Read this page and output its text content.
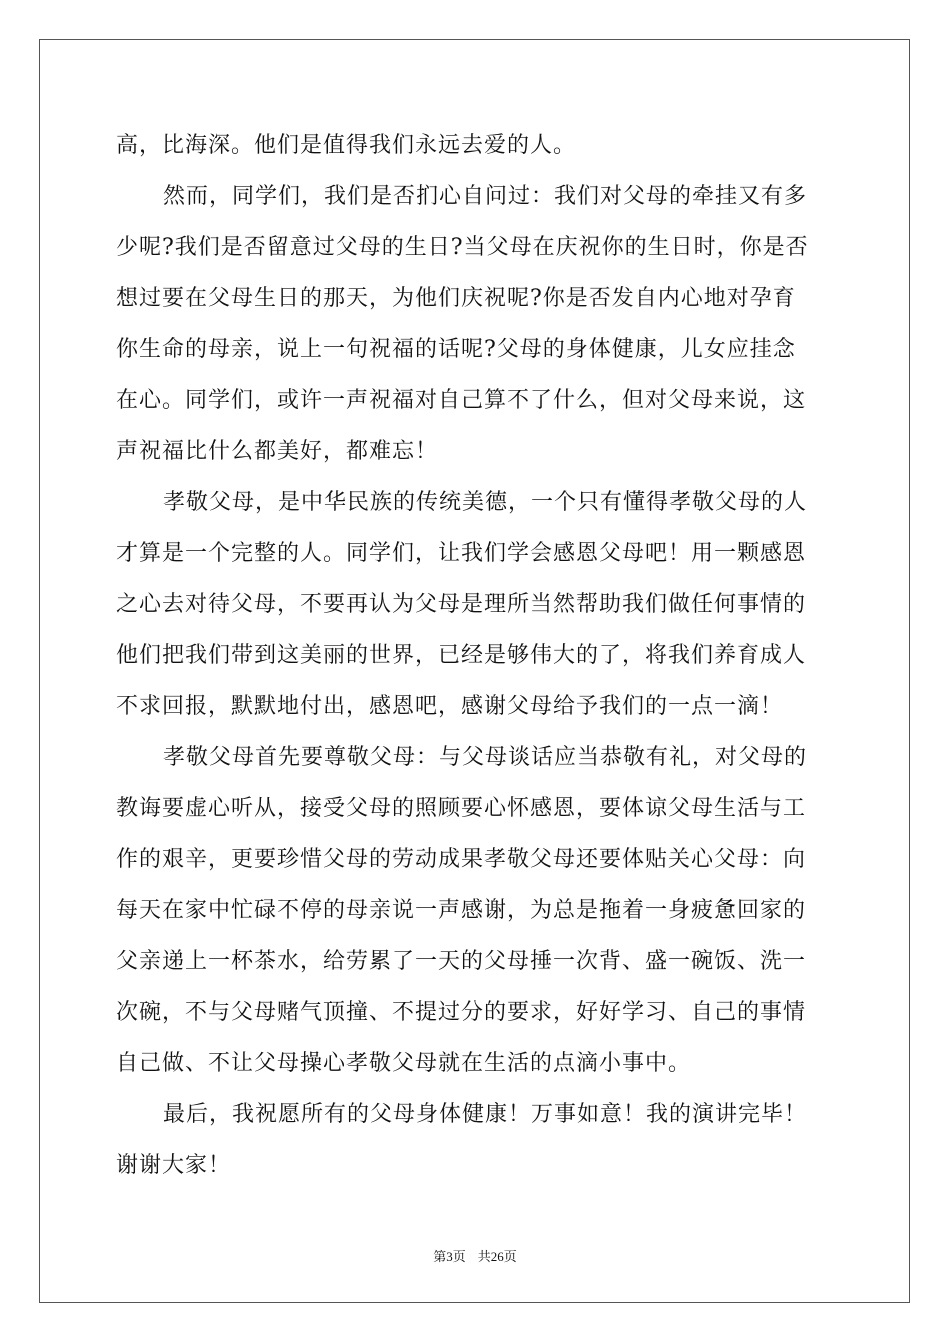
高，比海深。他们是值得我们永远去爱的人。
然而，同学们，我们是否扪心自问过：我们对父母的牵挂又有多
少呢?我们是否留意过父母的生日?当父母在庆祝你的生日时，你是否
想过要在父母生日的那天，为他们庆祝呢?你是否发自内心地对孕育
你生命的母亲，说上一句祝福的话呢?父母的身体健康，儿女应挂念
在心。同学们，或许一声祝福对自己算不了什么，但对父母来说，这
声祝福比什么都美好，都难忘！
孝敬父母，是中华民族的传统美德，一个只有懂得孝敬父母的人
才算是一个完整的人。同学们，让我们学会感恩父母吧！用一颗感恩
之心去对待父母，不要再认为父母是理所当然帮助我们做任何事情的
他们把我们带到这美丽的世界，已经是够伟大的了，将我们养育成人
不求回报，默默地付出，感恩吧，感谢父母给予我们的一点一滴！
孝敬父母首先要尊敬父母：与父母谈话应当恭敬有礼，对父母的
教诲要虚心听从，接受父母的照顾要心怀感恩，要体谅父母生活与工
作的艰辛，更要珍惜父母的劳动成果孝敬父母还要体贴关心父母：向
每天在家中忙碌不停的母亲说一声感谢，为总是拖着一身疲惫回家的
父亲递上一杯茶水，给劳累了一天的父母捶一次背、盛一碗饭、洗一
次碗，不与父母赌气顶撞、不提过分的要求，好好学习、自己的事情
自己做、不让父母操心孝敬父母就在生活的点滴小事中。
最后，我祝愿所有的父母身体健康！万事如意！我的演讲完毕！
谢谢大家！
第3页 共26页
